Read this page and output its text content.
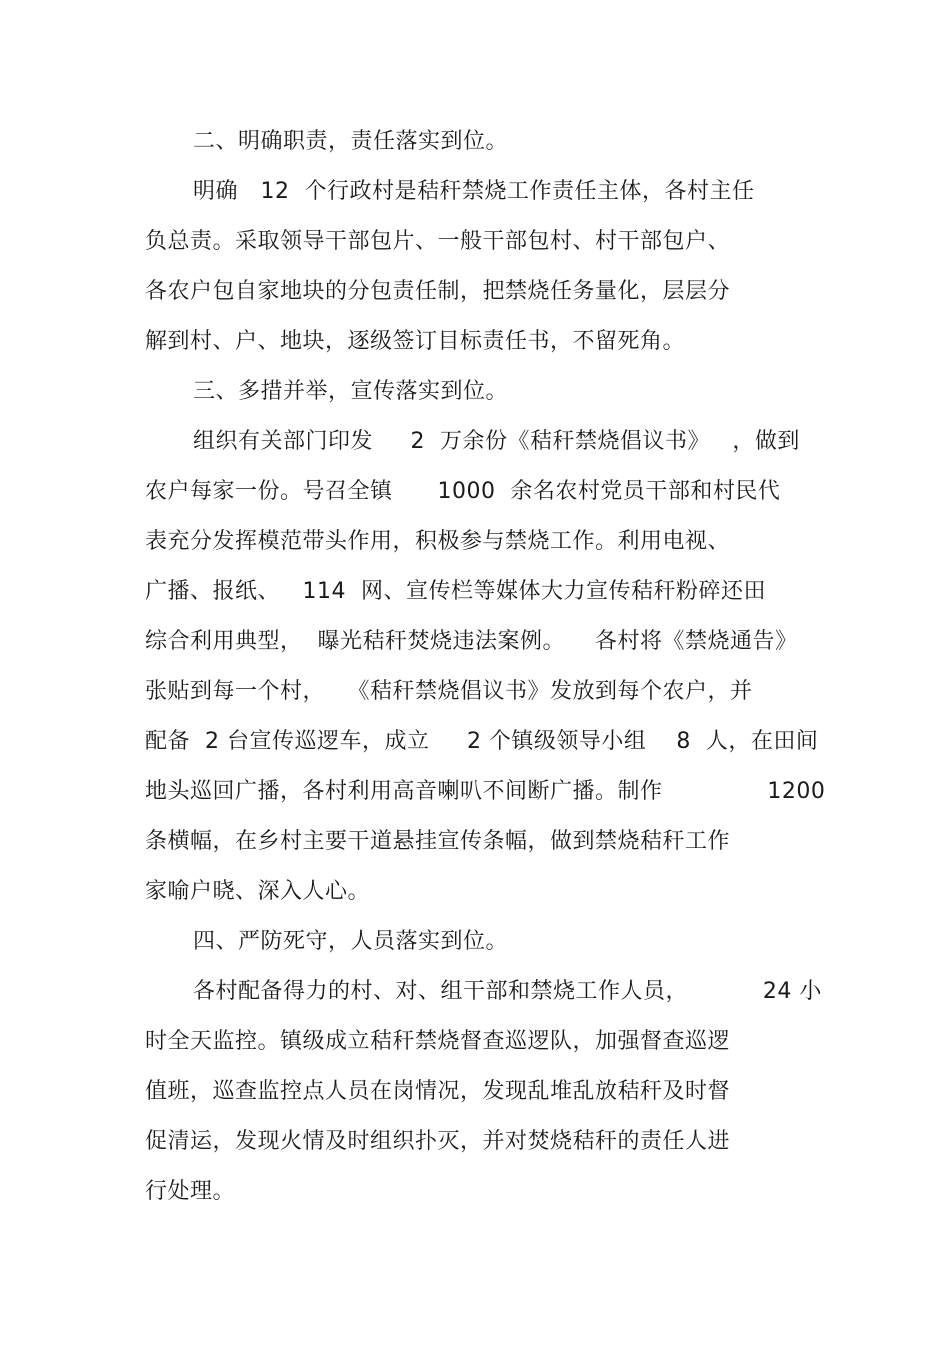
二、明确职责，责任落实到位。
明确   12  个行政村是秸秆禁烧工作责任主体，各村主任
负总责。采取领导干部包片、一般干部包村、村干部包户、
各农户包自家地块的分包责任制，把禁烧任务量化，层层分
解到村、户、地块，逐级签订目标责任书，不留死角。
三、多措并举，宣传落实到位。
组织有关部门印发     2  万余份《秸秆禁烧倡议书》   ，做到
农户每家一份。号召全镇      1000  余名农村党员干部和村民代
表充分发挥模范带头作用，积极参与禁烧工作。利用电视、
广播、报纸、   114  网、宣传栏等媒体大力宣传秸秆粉碎还田
综合利用典型，  曝光秸秆焚烧违法案例。    各村将《禁烧通告》
张贴到每一个村，   《秸秆禁烧倡议书》发放到每个农户，并
配备  2 台宣传巡逻车，成立     2 个镇级领导小组    8  人，在田间
地头巡回广播，各村利用高音喇叭不间断广播。制作              1200
条横幅，在乡村主要干道悬挂宣传条幅，做到禁烧秸秆工作
家喻户晓、深入人心。
四、严防死守，人员落实到位。
各村配备得力的村、对、组干部和禁烧工作人员，          24 小
时全天监控。镇级成立秸秆禁烧督查巡逻队，加强督查巡逻
值班，巡查监控点人员在岗情况，发现乱堆乱放秸秆及时督
促清运，发现火情及时组织扑灭，并对焚烧秸秆的责任人进
行处理。
